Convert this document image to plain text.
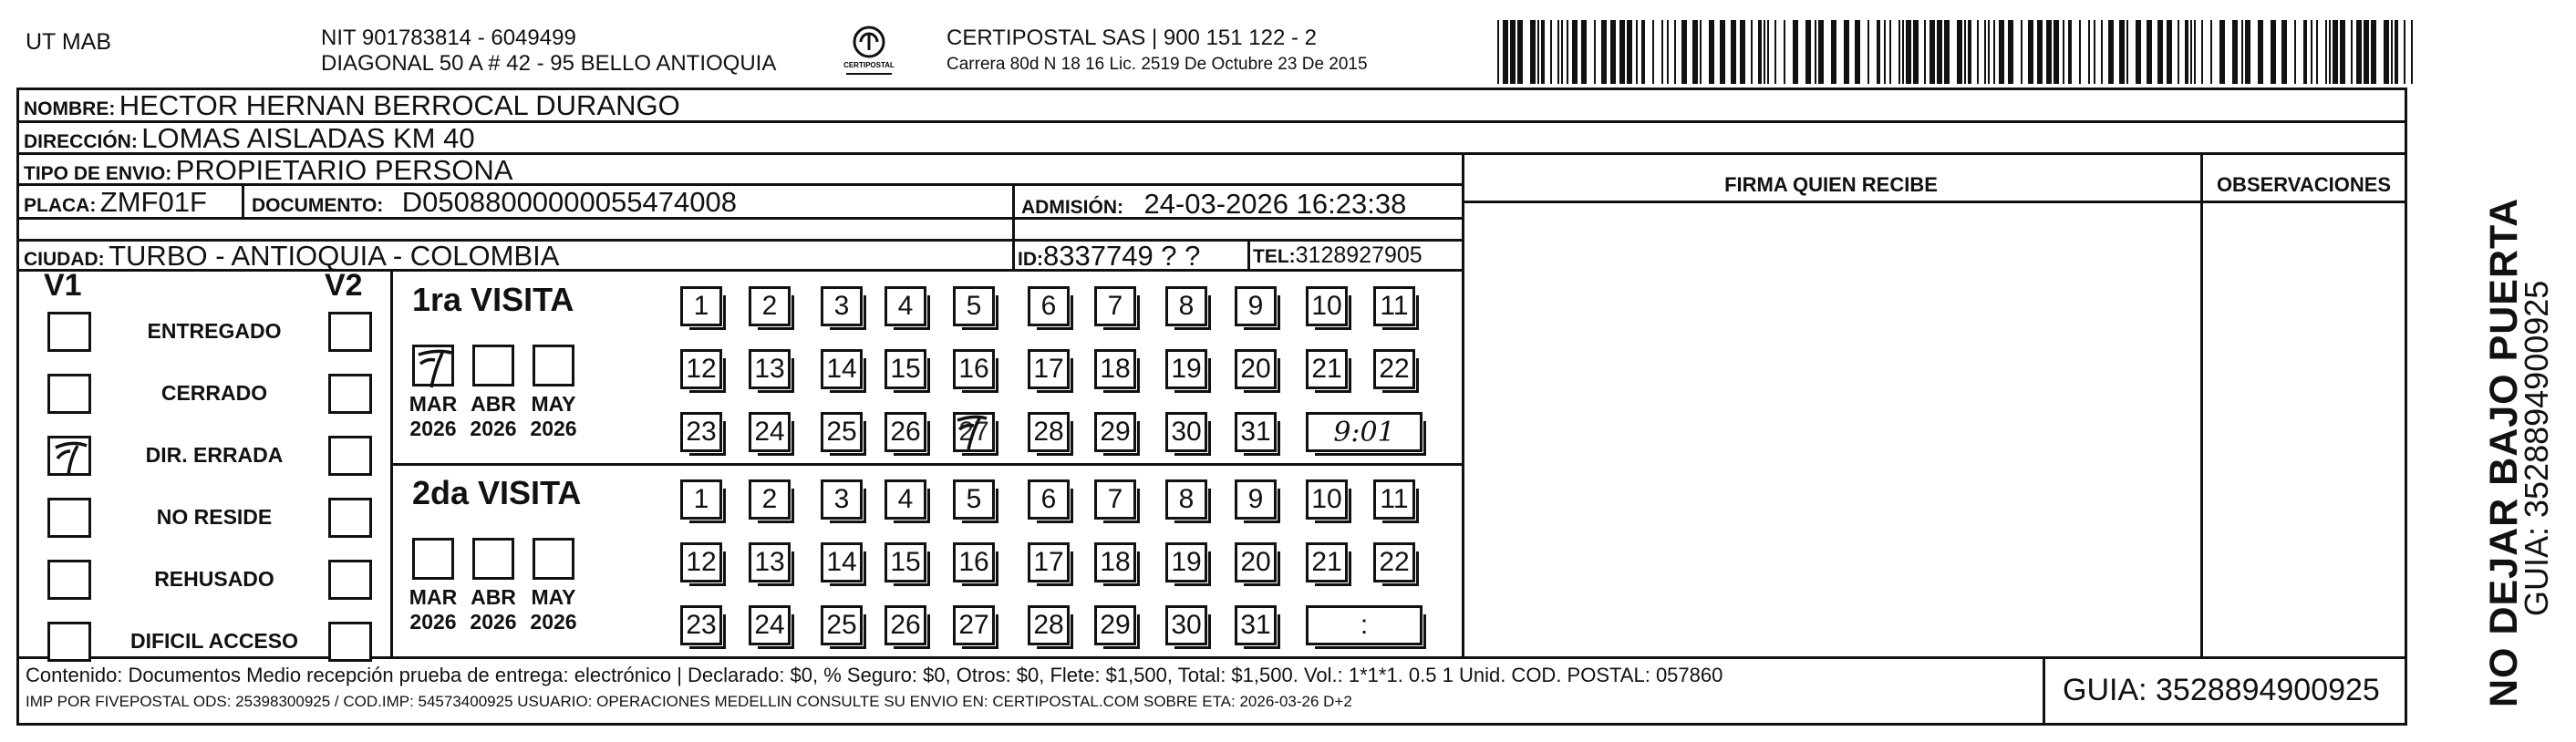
UT MAB	NIT 901783814 - 6049499
DIAGONAL 50 A # 42 - 95 BELLO ANTIOQUIA	CERTIPOSTAL
CERTIPOSTAL SAS | 900 151 122 - 2
Carrera 80d N 18 16 Lic. 2519 De Octubre 23 De 2015
NOMBRE: HECTOR HERNAN BERROCAL DURANGO
DIRECCIÓN: LOMAS AISLADAS KM 40
TIPO DE ENVIO: PROPIETARIO PERSONA
PLACA: ZMF01F DOCUMENTO: D05088000000055474008	ADMISIÓN: 24-03-2026 16:23:38
CIUDAD: TURBO - ANTIOQUIA - COLOMBIA	ID:8337749 ? ?	TEL:3128927905
FIRMA QUIEN RECIBE	OBSERVACIONES
V1	V2
ENTREGADO
CERRADO
DIR. ERRADA
NO RESIDE
REHUSADO
DIFICIL ACCESO
1ra VISITA
MAR
2026
ABR
2026
MAY
2026
1	2	3	4	5	6	7	8	9	10 11
12 13 14 15 16 17 18 19 20 21 22
23 24 25 26 27 28 29 30 31	9:01
2da VISITA
MAR
2026
ABR
2026
MAY
2026
1	2	3	4	5	6	7	8	9	10 11
12 13 14 15 16 17 18 19 20 21 22
23 24 25 26 27 28 29 30 31	:	NO DEJAR BAJO PUERTA
GUIA: 3528894900925
Contenido: Documentos Medio recepción prueba de entrega: electrónico | Declarado: $0, % Seguro: $0, Otros: $0, Flete: $1,500, Total: $1,500. Vol.: 1*1*1. 0.5 1 Unid. COD. POSTAL: 057860
IMP POR FIVEPOSTAL ODS: 25398300925 / COD.IMP: 54573400925 USUARIO: OPERACIONES MEDELLIN CONSULTE SU ENVIO EN: CERTIPOSTAL.COM SOBRE ETA: 2026-03-26 D+2	GUIA: 3528894900925
